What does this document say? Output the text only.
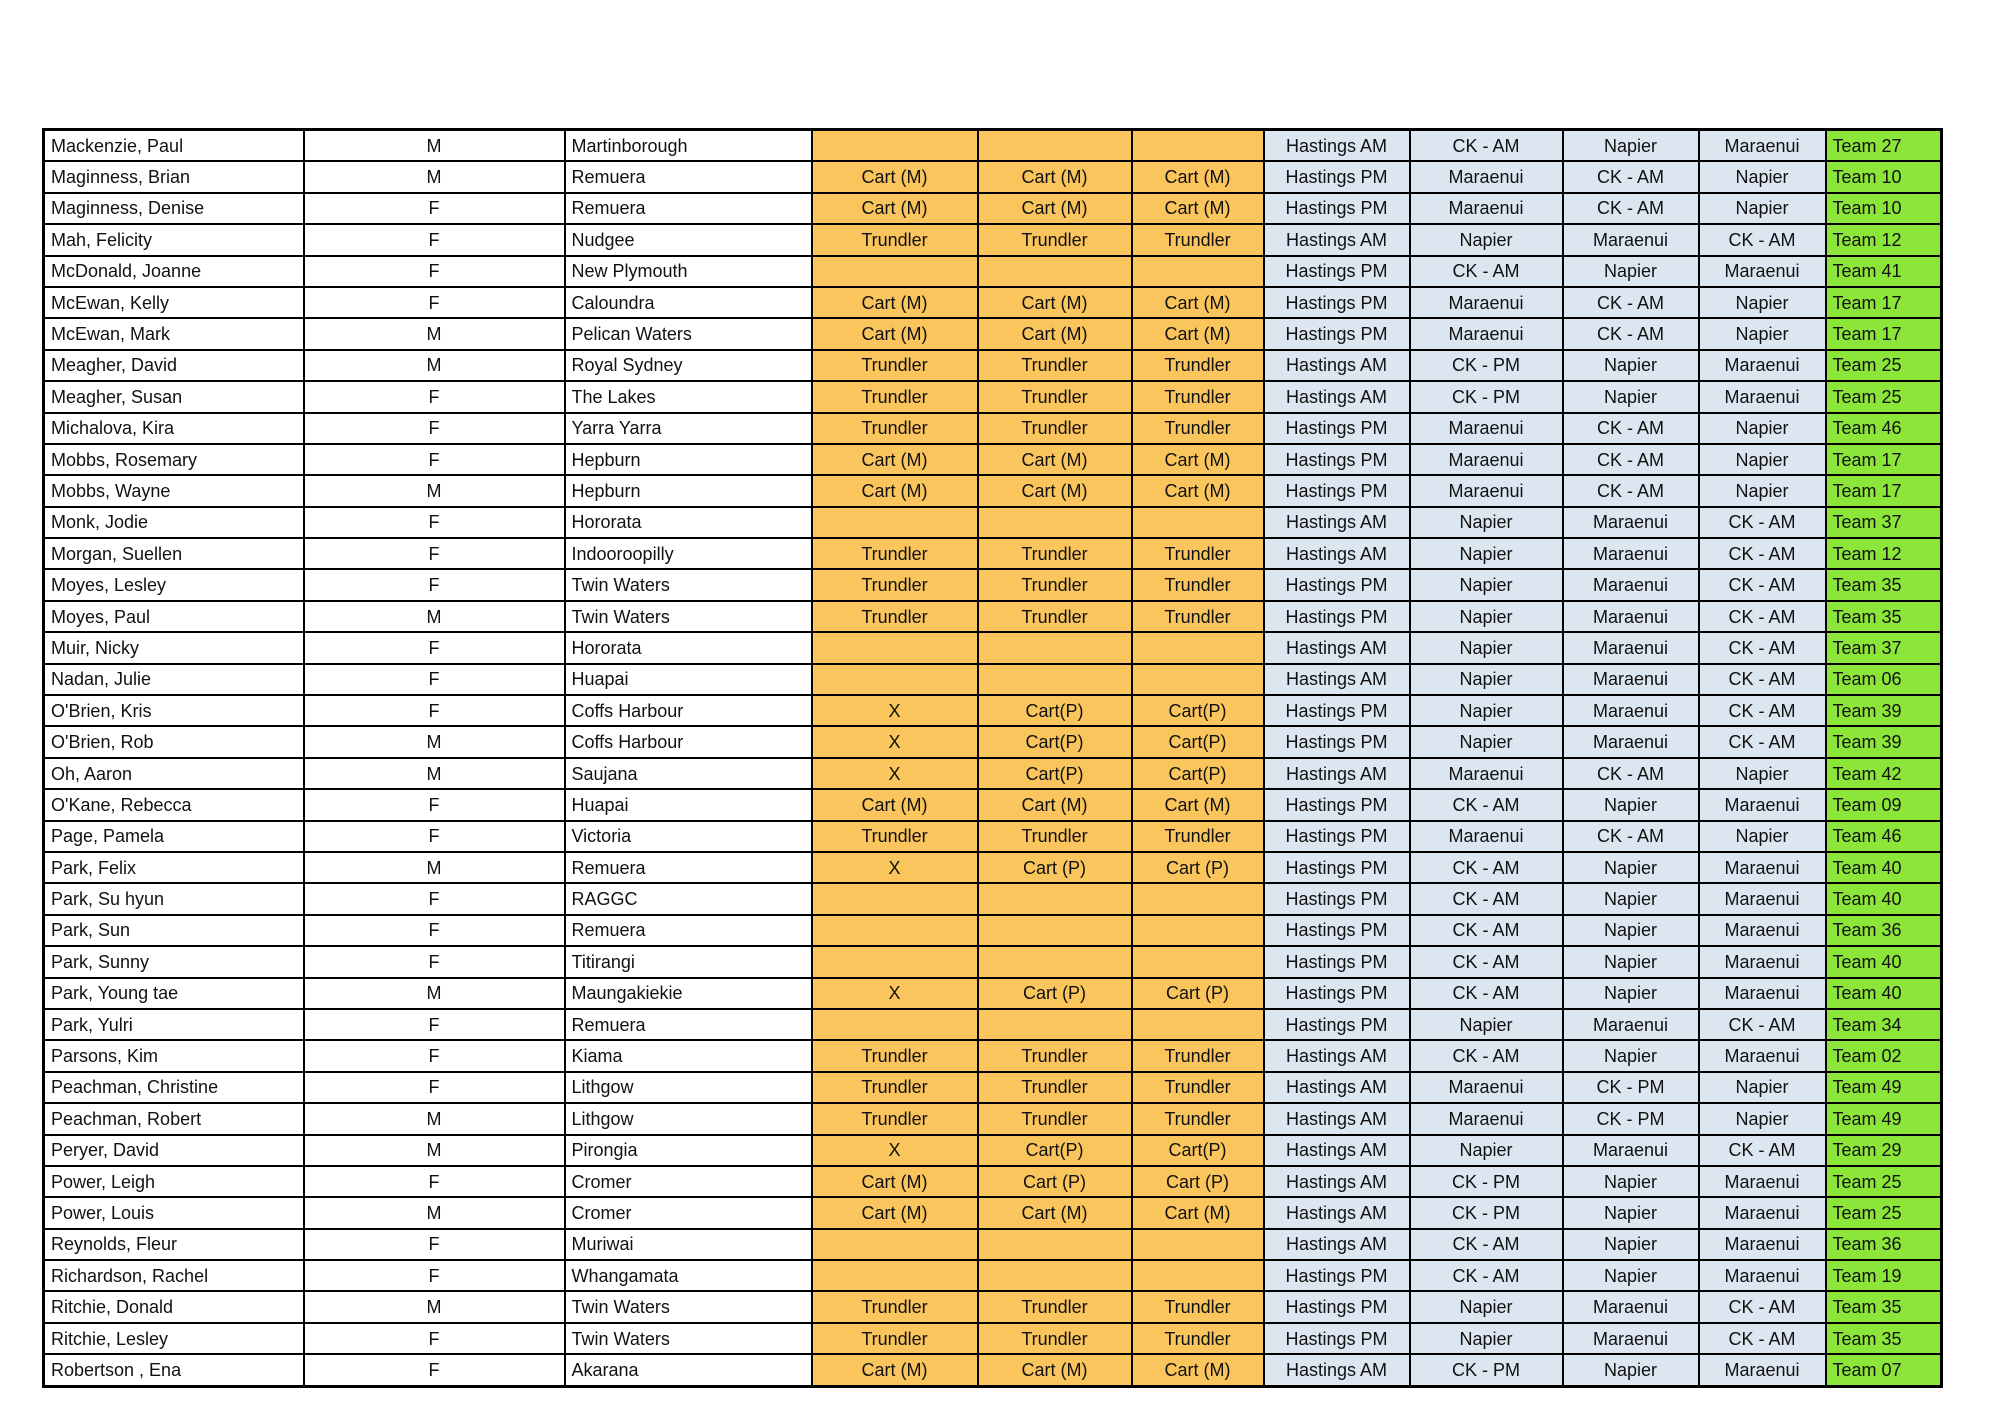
Mackenzie, Paul	M	Martinborough				Hastings AM	CK - AM	Napier	Maraenui	Team 27
Maginness, Brian	M	Remuera	Cart (M)	Cart (M)	Cart (M)	Hastings PM	Maraenui	CK - AM	Napier	Team 10
Maginness, Denise	F	Remuera	Cart (M)	Cart (M)	Cart (M)	Hastings PM	Maraenui	CK - AM	Napier	Team 10
Mah, Felicity	F	Nudgee	Trundler	Trundler	Trundler	Hastings AM	Napier	Maraenui	CK - AM	Team 12
McDonald, Joanne	F	New Plymouth				Hastings PM	CK - AM	Napier	Maraenui	Team 41
McEwan, Kelly	F	Caloundra	Cart (M)	Cart (M)	Cart (M)	Hastings PM	Maraenui	CK - AM	Napier	Team 17
McEwan, Mark	M	Pelican Waters	Cart (M)	Cart (M)	Cart (M)	Hastings PM	Maraenui	CK - AM	Napier	Team 17
Meagher, David	M	Royal Sydney	Trundler	Trundler	Trundler	Hastings AM	CK - PM	Napier	Maraenui	Team 25
Meagher, Susan	F	The Lakes	Trundler	Trundler	Trundler	Hastings AM	CK - PM	Napier	Maraenui	Team 25
Michalova, Kira	F	Yarra Yarra	Trundler	Trundler	Trundler	Hastings PM	Maraenui	CK - AM	Napier	Team 46
Mobbs, Rosemary	F	Hepburn	Cart (M)	Cart (M)	Cart (M)	Hastings PM	Maraenui	CK - AM	Napier	Team 17
Mobbs, Wayne	M	Hepburn	Cart (M)	Cart (M)	Cart (M)	Hastings PM	Maraenui	CK - AM	Napier	Team 17
Monk, Jodie	F	Hororata				Hastings AM	Napier	Maraenui	CK - AM	Team 37
Morgan, Suellen	F	Indooroopilly	Trundler	Trundler	Trundler	Hastings AM	Napier	Maraenui	CK - AM	Team 12
Moyes, Lesley	F	Twin Waters	Trundler	Trundler	Trundler	Hastings PM	Napier	Maraenui	CK - AM	Team 35
Moyes, Paul	M	Twin Waters	Trundler	Trundler	Trundler	Hastings PM	Napier	Maraenui	CK - AM	Team 35
Muir, Nicky	F	Hororata				Hastings AM	Napier	Maraenui	CK - AM	Team 37
Nadan, Julie	F	Huapai				Hastings AM	Napier	Maraenui	CK - AM	Team 06
O'Brien, Kris	F	Coffs Harbour	X	Cart(P)	Cart(P)	Hastings PM	Napier	Maraenui	CK - AM	Team 39
O'Brien, Rob	M	Coffs Harbour	X	Cart(P)	Cart(P)	Hastings PM	Napier	Maraenui	CK - AM	Team 39
Oh, Aaron	M	Saujana	X	Cart(P)	Cart(P)	Hastings AM	Maraenui	CK - AM	Napier	Team 42
O'Kane, Rebecca	F	Huapai	Cart (M)	Cart (M)	Cart (M)	Hastings PM	CK - AM	Napier	Maraenui	Team 09
Page, Pamela	F	Victoria	Trundler	Trundler	Trundler	Hastings PM	Maraenui	CK - AM	Napier	Team 46
Park, Felix	M	Remuera	X	Cart (P)	Cart (P)	Hastings PM	CK - AM	Napier	Maraenui	Team 40
Park, Su hyun	F	RAGGC				Hastings PM	CK - AM	Napier	Maraenui	Team 40
Park, Sun	F	Remuera				Hastings PM	CK - AM	Napier	Maraenui	Team 36
Park, Sunny	F	Titirangi				Hastings PM	CK - AM	Napier	Maraenui	Team 40
Park, Young tae	M	Maungakiekie	X	Cart (P)	Cart (P)	Hastings PM	CK - AM	Napier	Maraenui	Team 40
Park, Yulri	F	Remuera				Hastings PM	Napier	Maraenui	CK - AM	Team 34
Parsons, Kim	F	Kiama	Trundler	Trundler	Trundler	Hastings AM	CK - AM	Napier	Maraenui	Team 02
Peachman, Christine	F	Lithgow	Trundler	Trundler	Trundler	Hastings AM	Maraenui	CK - PM	Napier	Team 49
Peachman, Robert	M	Lithgow	Trundler	Trundler	Trundler	Hastings AM	Maraenui	CK - PM	Napier	Team 49
Peryer, David	M	Pirongia	X	Cart(P)	Cart(P)	Hastings AM	Napier	Maraenui	CK - AM	Team 29
Power, Leigh	F	Cromer	Cart (M)	Cart (P)	Cart (P)	Hastings AM	CK - PM	Napier	Maraenui	Team 25
Power, Louis	M	Cromer	Cart (M)	Cart (M)	Cart (M)	Hastings AM	CK - PM	Napier	Maraenui	Team 25
Reynolds, Fleur	F	Muriwai				Hastings AM	CK - AM	Napier	Maraenui	Team 36
Richardson, Rachel	F	Whangamata				Hastings PM	CK - AM	Napier	Maraenui	Team 19
Ritchie, Donald	M	Twin Waters	Trundler	Trundler	Trundler	Hastings PM	Napier	Maraenui	CK - AM	Team 35
Ritchie, Lesley	F	Twin Waters	Trundler	Trundler	Trundler	Hastings PM	Napier	Maraenui	CK - AM	Team 35
Robertson , Ena	F	Akarana	Cart (M)	Cart (M)	Cart (M)	Hastings AM	CK - PM	Napier	Maraenui	Team 07
